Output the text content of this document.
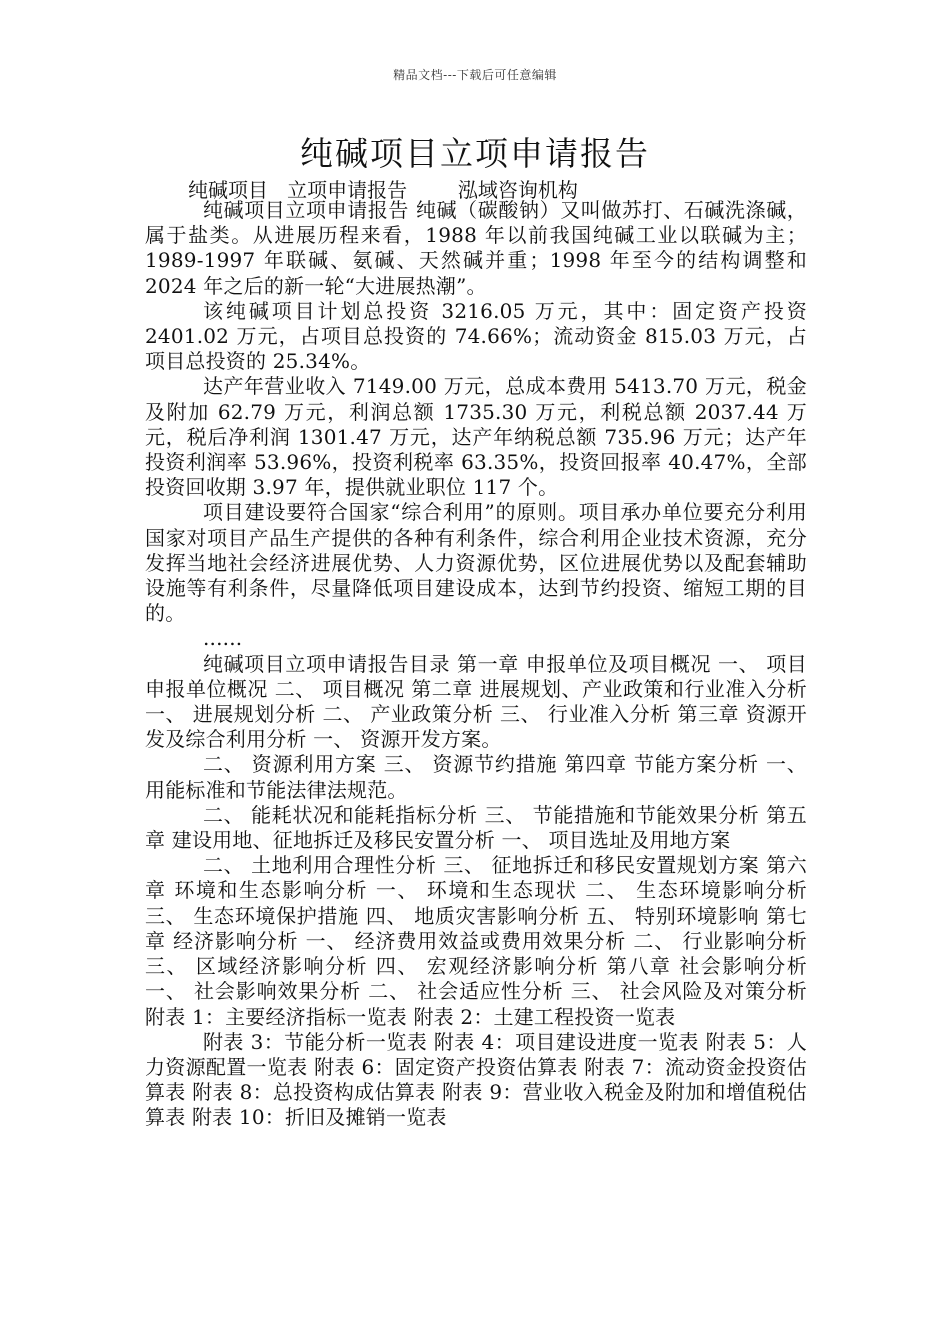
精品文档---下载后可任意编辑
纯碱项目立项申请报告
纯碱项目   立项申请报告        泓域咨询机构

纯碱项目立项申请报告 纯碱（碳酸钠）又叫做苏打、石碱洗涤碱，属于盐类。从进展历程来看，1988 年以前我国纯碱工业以联碱为主；1989-1997 年联碱、氨碱、天然碱并重；1998 年至今的结构调整和 2024 年之后的新一轮“大进展热潮”。

该纯碱项目计划总投资 3216.05 万元，其中：固定资产投资 2401.02 万元，占项目总投资的 74.66%；流动资金 815.03 万元，占项目总投资的 25.34%。

达产年营业收入 7149.00 万元，总成本费用 5413.70 万元，税金及附加 62.79 万元，利润总额 1735.30 万元，利税总额 2037.44 万元，税后净利润 1301.47 万元，达产年纳税总额 735.96 万元；达产年投资利润率 53.96%，投资利税率 63.35%，投资回报率 40.47%，全部投资回收期 3.97 年，提供就业职位 117 个。

项目建设要符合国家“综合利用”的原则。项目承办单位要充分利用国家对项目产品生产提供的各种有利条件，综合利用企业技术资源，充分发挥当地社会经济进展优势、人力资源优势，区位进展优势以及配套辅助设施等有利条件，尽量降低项目建设成本，达到节约投资、缩短工期的目的。

......

纯碱项目立项申请报告目录 第一章 申报单位及项目概况 一、 项目申报单位概况 二、 项目概况 第二章 进展规划、产业政策和行业准入分析 一、 进展规划分析 二、 产业政策分析 三、 行业准入分析 第三章 资源开发及综合利用分析 一、 资源开发方案。

二、 资源利用方案 三、 资源节约措施 第四章 节能方案分析 一、 用能标准和节能法律法规范。

二、 能耗状况和能耗指标分析 三、 节能措施和节能效果分析 第五章 建设用地、征地拆迁及移民安置分析 一、 项目选址及用地方案

二、 土地利用合理性分析 三、 征地拆迁和移民安置规划方案 第六章 环境和生态影响分析 一、 环境和生态现状 二、 生态环境影响分析 三、 生态环境保护措施 四、 地质灾害影响分析 五、 特别环境影响 第七章 经济影响分析 一、 经济费用效益或费用效果分析 二、 行业影响分析 三、 区域经济影响分析 四、 宏观经济影响分析 第八章 社会影响分析 一、 社会影响效果分析 二、 社会适应性分析 三、 社会风险及对策分析 附表 1：主要经济指标一览表 附表 2：土建工程投资一览表

附表 3：节能分析一览表 附表 4：项目建设进度一览表 附表 5：人力资源配置一览表 附表 6：固定资产投资估算表 附表 7：流动资金投资估算表 附表 8：总投资构成估算表 附表 9：营业收入税金及附加和增值税估算表 附表 10：折旧及摊销一览表
